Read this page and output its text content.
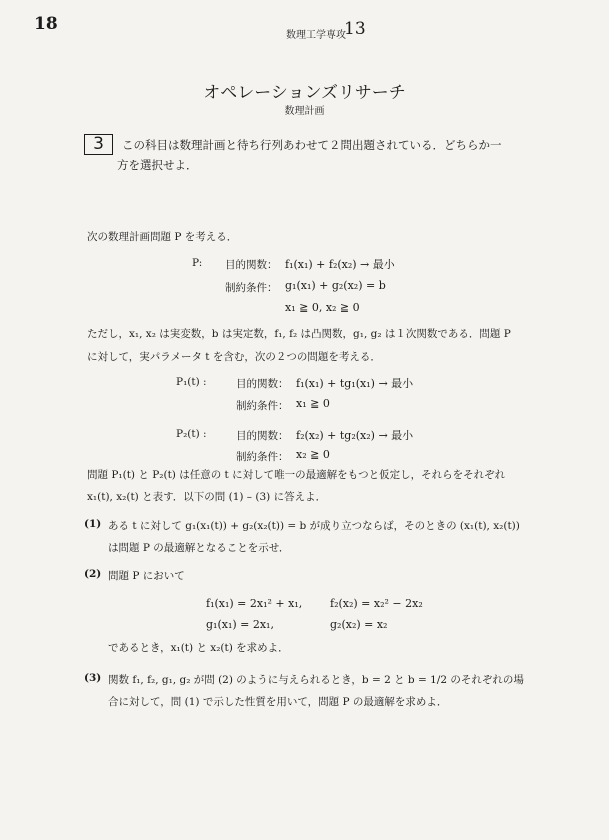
18
数理工学専攻
13
オペレーションズリサーチ
数理計画
3	この科目は数理計画と待ち行列あわせて２問出題されている．どちらか一
方を選択せよ．
次の数理計画問題 P を考える．
P: 目的関数： f₁(x₁) + f₂(x₂) → 最小
制約条件： g₁(x₁) + g₂(x₂) = b
x₁ ≧ 0, x₂ ≧ 0
ただし，x₁, x₂ は実変数，b は実定数，f₁, f₂ は凸関数，g₁, g₂ は１次関数である．問題 P
に対して，実パラメータ t を含む，次の２つの問題を考える．
P₁(t) :	目的関数： f₁(x₁) + tg₁(x₁) → 最小
制約条件： x₁ ≧ 0
P₂(t) :	目的関数： f₂(x₂) + tg₂(x₂) → 最小
制約条件： x₂ ≧ 0
問題 P₁(t) と P₂(t) は任意の t に対して唯一の最適解をもつと仮定し，それらをそれぞれ
x₁(t), x₂(t) と表す．以下の問 (1) – (3) に答えよ．
(1) ある t に対して g₁(x₁(t)) + g₂(x₂(t)) = b が成り立つならば，そのときの (x₁(t), x₂(t))
は問題 P の最適解となることを示せ．
(2) 問題 P において
f₁(x₁) = 2x₁² + x₁,	f₂(x₂) = x₂² − 2x₂
g₁(x₁) = 2x₁,	g₂(x₂) = x₂
であるとき，x₁(t) と x₂(t) を求めよ．
(3) 関数 f₁, f₂, g₁, g₂ が問 (2) のように与えられるとき，b = 2 と b = 1/2 のそれぞれの場
合に対して，問 (1) で示した性質を用いて，問題 P の最適解を求めよ．
